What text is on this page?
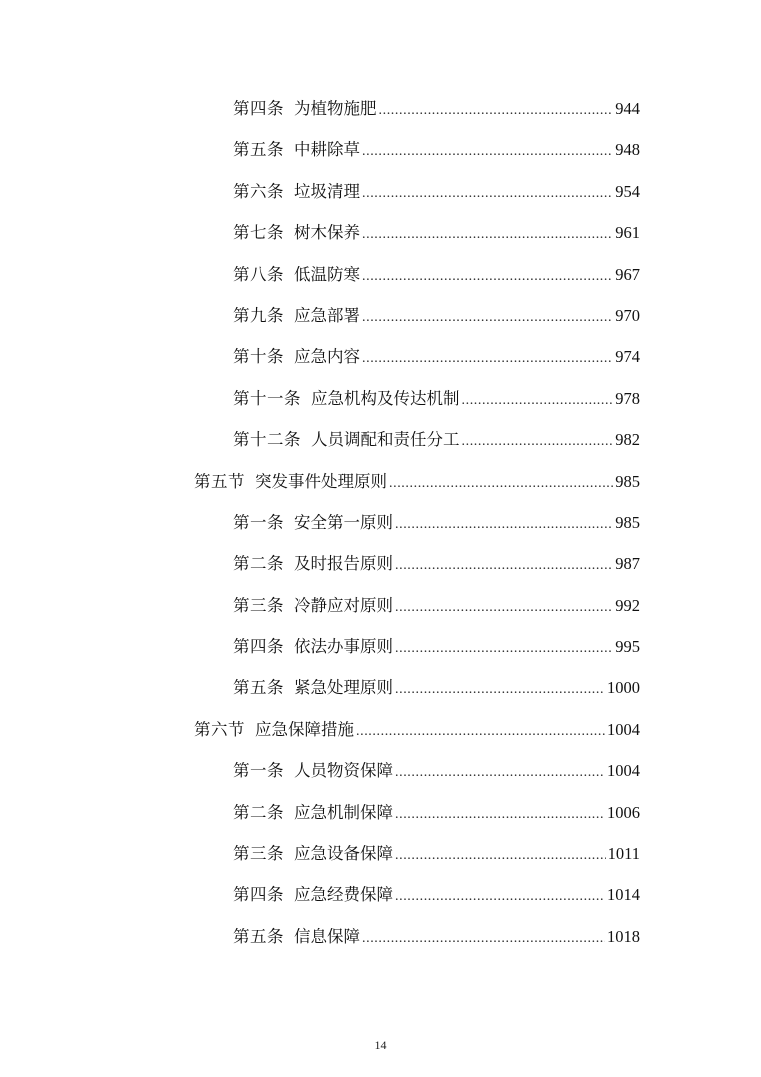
第四条 为植物施肥 .....	944
第五条 中耕除草 .....	948
第六条 垃圾清理 .....	954
第七条 树木保养 .....	961
第八条 低温防寒 .....	967
第九条 应急部署 .....	970
第十条 应急内容 .....	974
第十一条 应急机构及传达机制 .....	978
第十二条 人员调配和责任分工 .....	982
第五节 突发事件处理原则 .....	985
第一条 安全第一原则 .....	985
第二条 及时报告原则 .....	987
第三条 冷静应对原则 .....	992
第四条 依法办事原则 .....	995
第五条 紧急处理原则 .....	1000
第六节 应急保障措施 .....	1004
第一条 人员物资保障 .....	1004
第二条 应急机制保障 .....	1006
第三条 应急设备保障 .....	1011
第四条 应急经费保障 .....	1014
第五条 信息保障 .....	1018
14
